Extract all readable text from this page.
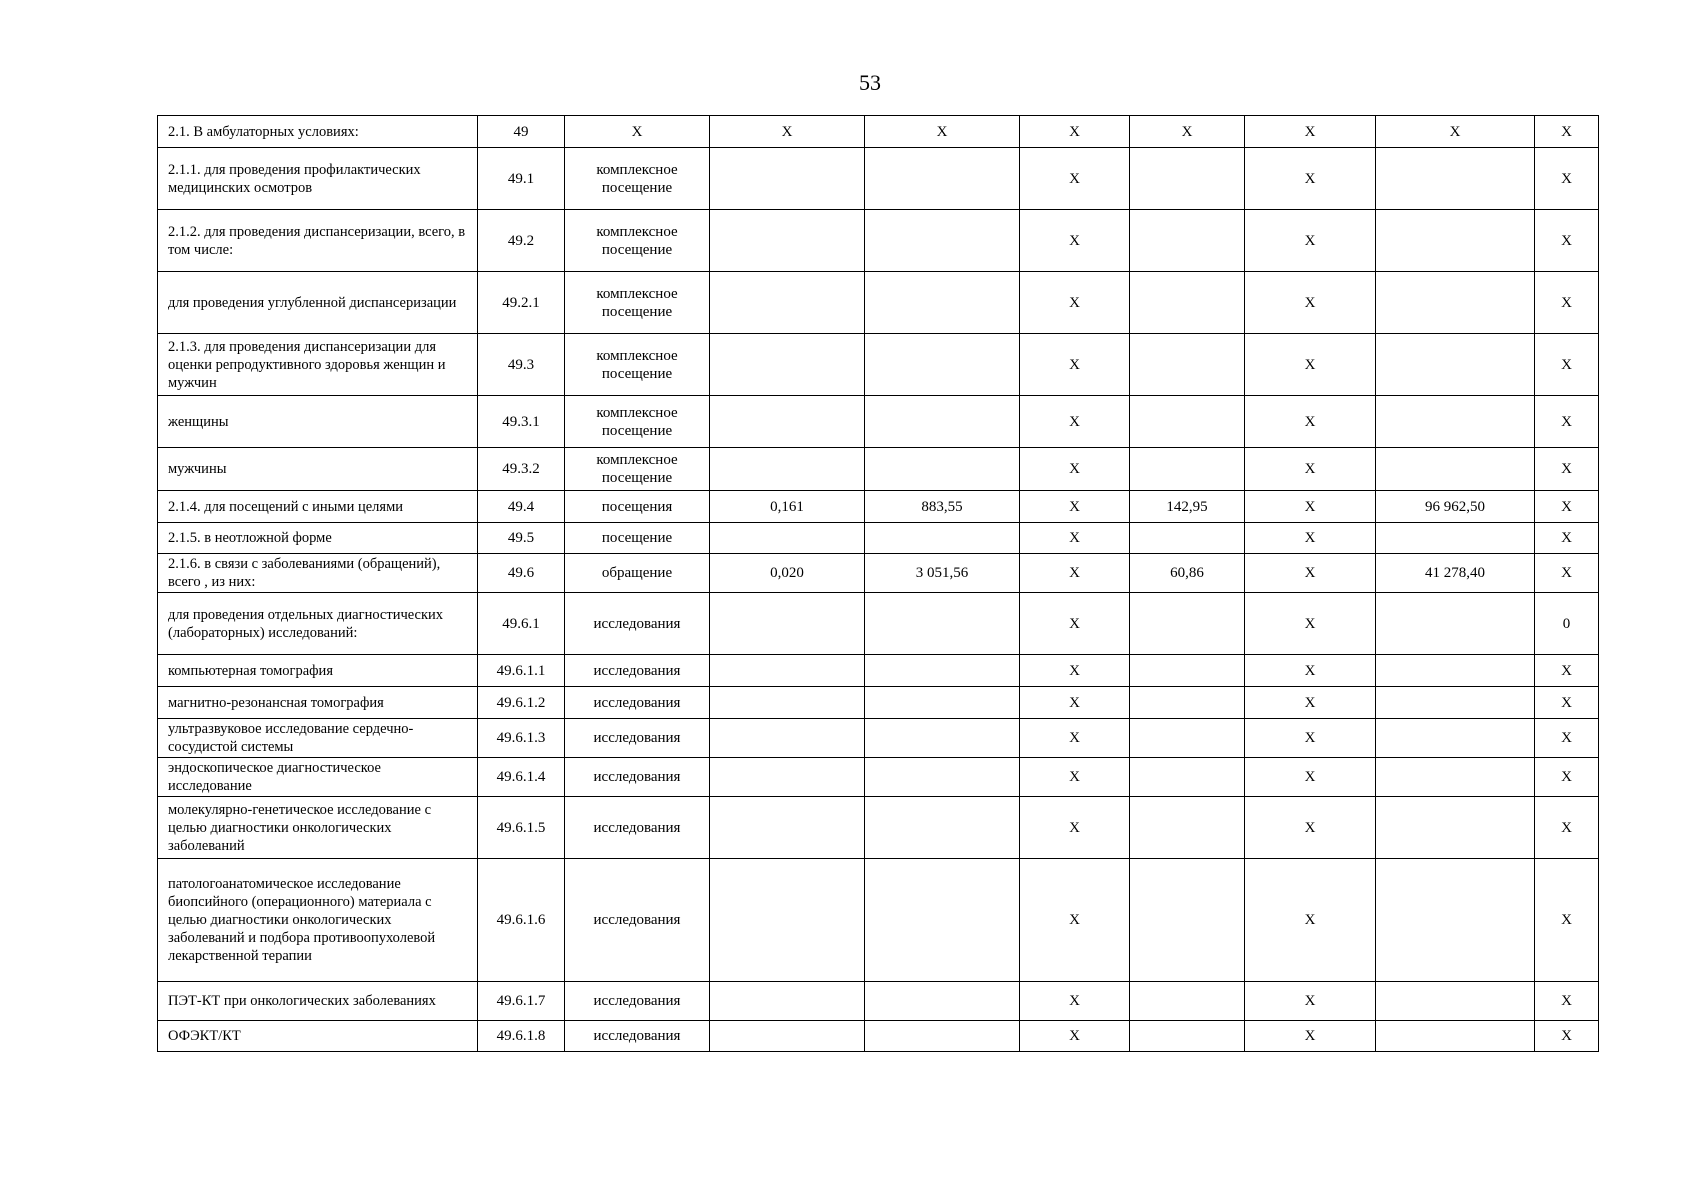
53
2.1. В амбулаторных условиях:	49	X	X	X	X	X	X	X	X
2.1.1. для проведения профилактических медицинских осмотров	49.1	комплексное посещение			X		X		X
2.1.2. для проведения диспансеризации, всего, в том числе:	49.2	комплексное посещение			X		X		X
для проведения углубленной диспансеризации	49.2.1	комплексное посещение			X		X		X
2.1.3. для проведения диспансеризации для оценки репродуктивного здоровья женщин и мужчин	49.3	комплексное посещение			X		X		X
женщины	49.3.1	комплексное посещение			X		X		X
мужчины	49.3.2	комплексное посещение			X		X		X
2.1.4. для посещений с иными целями	49.4	посещения	0,161	883,55	X	142,95	X	96 962,50	X
2.1.5. в неотложной форме	49.5	посещение			X		X		X
2.1.6. в связи с заболеваниями (обращений), всего , из них:	49.6	обращение	0,020	3 051,56	X	60,86	X	41 278,40	X
для проведения отдельных диагностических (лабораторных) исследований:	49.6.1	исследования			X		X		0
компьютерная томография	49.6.1.1	исследования			X		X		X
магнитно-резонансная томография	49.6.1.2	исследования			X		X		X
ультразвуковое исследование сердечно-сосудистой системы	49.6.1.3	исследования			X		X		X
эндоскопическое диагностическое исследование	49.6.1.4	исследования			X		X		X
молекулярно-генетическое исследование с целью диагностики онкологических заболеваний	49.6.1.5	исследования			X		X		X
патологоанатомическое исследование биопсийного (операционного) материала с целью диагностики онкологических заболеваний и подбора противоопухолевой лекарственной терапии	49.6.1.6	исследования			X		X		X
ПЭТ-КТ при онкологических заболеваниях	49.6.1.7	исследования			X		X		X
ОФЭКТ/КТ	49.6.1.8	исследования			X		X		X
